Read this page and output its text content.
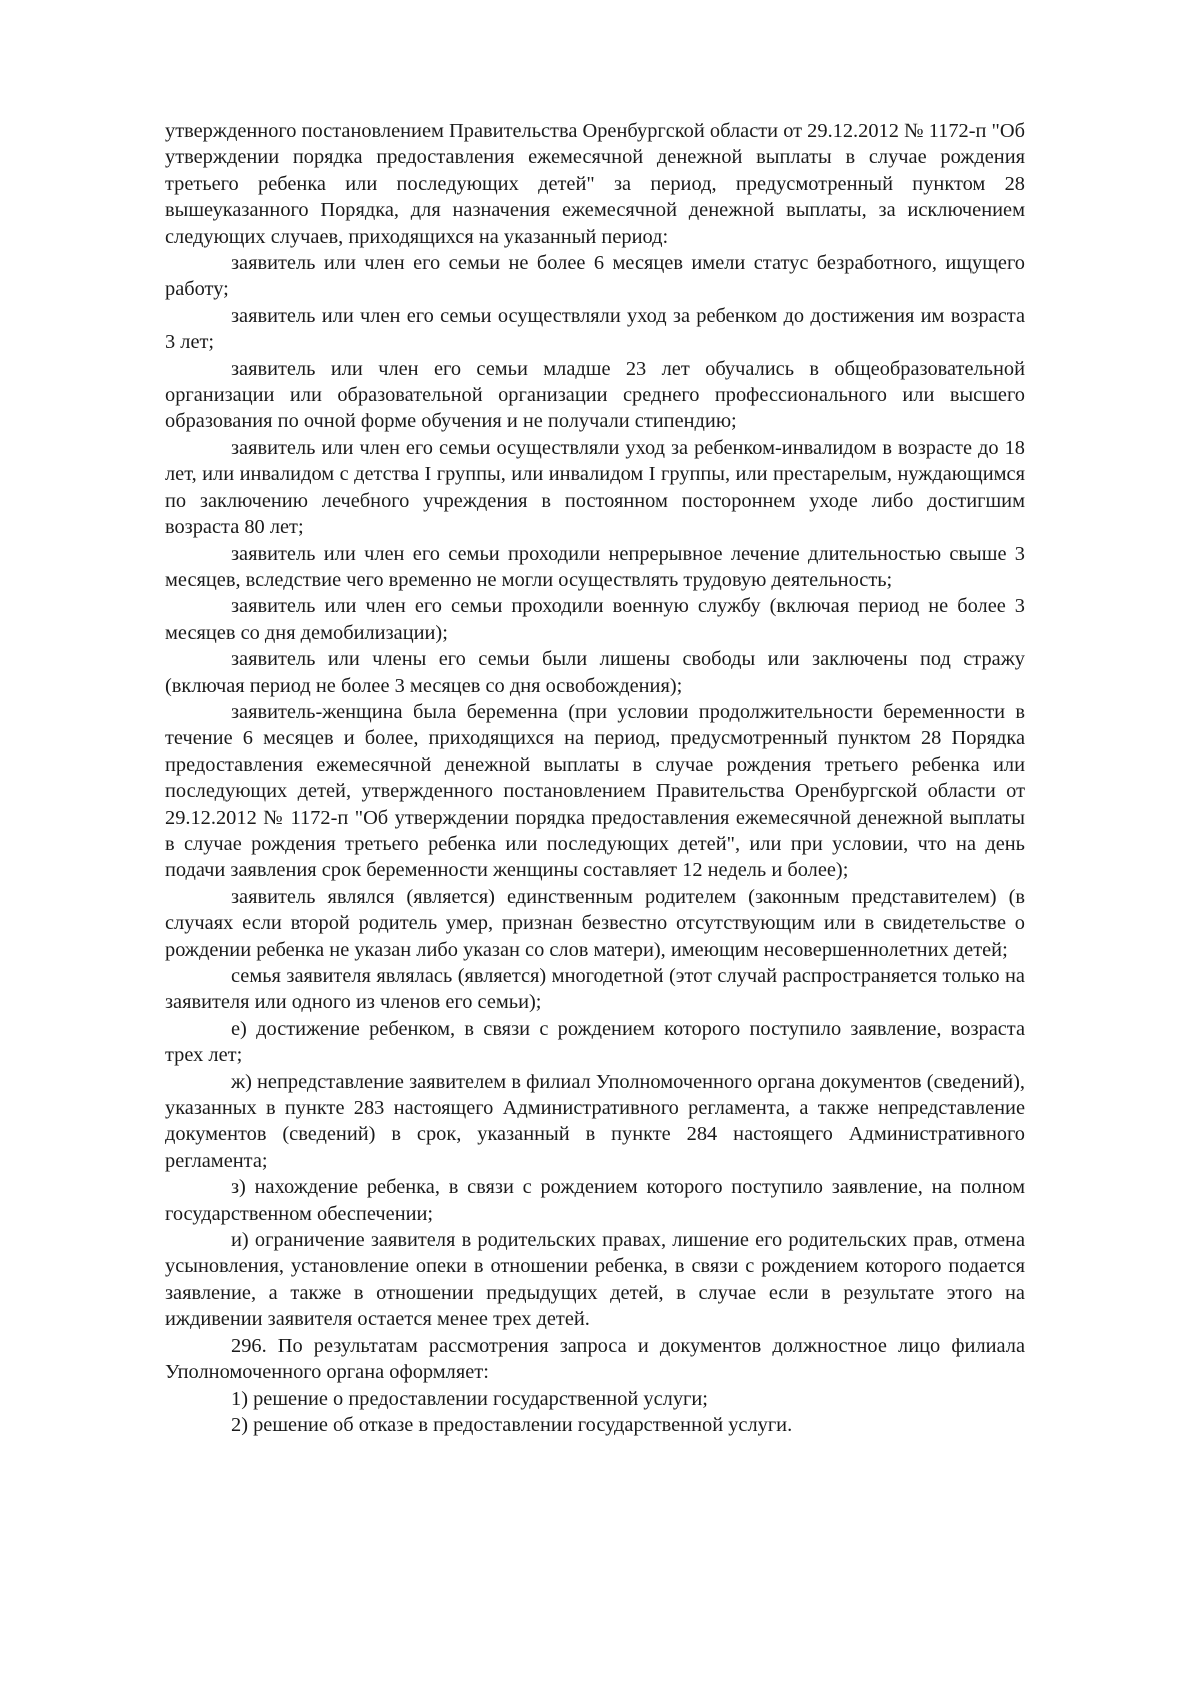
утвержденного постановлением Правительства Оренбургской области от 29.12.2012 № 1172-п "Об утверждении порядка предоставления ежемесячной денежной выплаты в случае рождения третьего ребенка или последующих детей" за период, предусмотренный пунктом 28 вышеуказанного Порядка, для назначения ежемесячной денежной выплаты, за исключением следующих случаев, приходящихся на указанный период:

заявитель или член его семьи не более 6 месяцев имели статус безработного, ищущего работу;

заявитель или член его семьи осуществляли уход за ребенком до достижения им возраста 3 лет;

заявитель или член его семьи младше 23 лет обучались в общеобразовательной организации или образовательной организации среднего профессионального или высшего образования по очной форме обучения и не получали стипендию;

заявитель или член его семьи осуществляли уход за ребенком-инвалидом в возрасте до 18 лет, или инвалидом с детства I группы, или инвалидом I группы, или престарелым, нуждающимся по заключению лечебного учреждения в постоянном постороннем уходе либо достигшим возраста 80 лет;

заявитель или член его семьи проходили непрерывное лечение длительностью свыше 3 месяцев, вследствие чего временно не могли осуществлять трудовую деятельность;

заявитель или член его семьи проходили военную службу (включая период не более 3 месяцев со дня демобилизации);

заявитель или члены его семьи были лишены свободы или заключены под стражу (включая период не более 3 месяцев со дня освобождения);

заявитель-женщина была беременна (при условии продолжительности беременности в течение 6 месяцев и более, приходящихся на период, предусмотренный пунктом 28 Порядка предоставления ежемесячной денежной выплаты в случае рождения третьего ребенка или последующих детей, утвержденного постановлением Правительства Оренбургской области от 29.12.2012 № 1172-п "Об утверждении порядка предоставления ежемесячной денежной выплаты в случае рождения третьего ребенка или последующих детей", или при условии, что на день подачи заявления срок беременности женщины составляет 12 недель и более);

заявитель являлся (является) единственным родителем (законным представителем) (в случаях если второй родитель умер, признан безвестно отсутствующим или в свидетельстве о рождении ребенка не указан либо указан со слов матери), имеющим несовершеннолетних детей;

семья заявителя являлась (является) многодетной (этот случай распространяется только на заявителя или одного из членов его семьи);

е) достижение ребенком, в связи с рождением которого поступило заявление, возраста трех лет;

ж) непредставление заявителем в филиал Уполномоченного органа документов (сведений), указанных в пункте 283 настоящего Административного регламента, а также непредставление документов (сведений) в срок, указанный в пункте 284 настоящего Административного регламента;

з) нахождение ребенка, в связи с рождением которого поступило заявление, на полном государственном обеспечении;

и) ограничение заявителя в родительских правах, лишение его родительских прав, отмена усыновления, установление опеки в отношении ребенка, в связи с рождением которого подается заявление, а также в отношении предыдущих детей, в случае если в результате этого на иждивении заявителя остается менее трех детей.

296. По результатам рассмотрения запроса и документов должностное лицо филиала Уполномоченного органа оформляет:

1) решение о предоставлении государственной услуги;

2) решение об отказе в предоставлении государственной услуги.
